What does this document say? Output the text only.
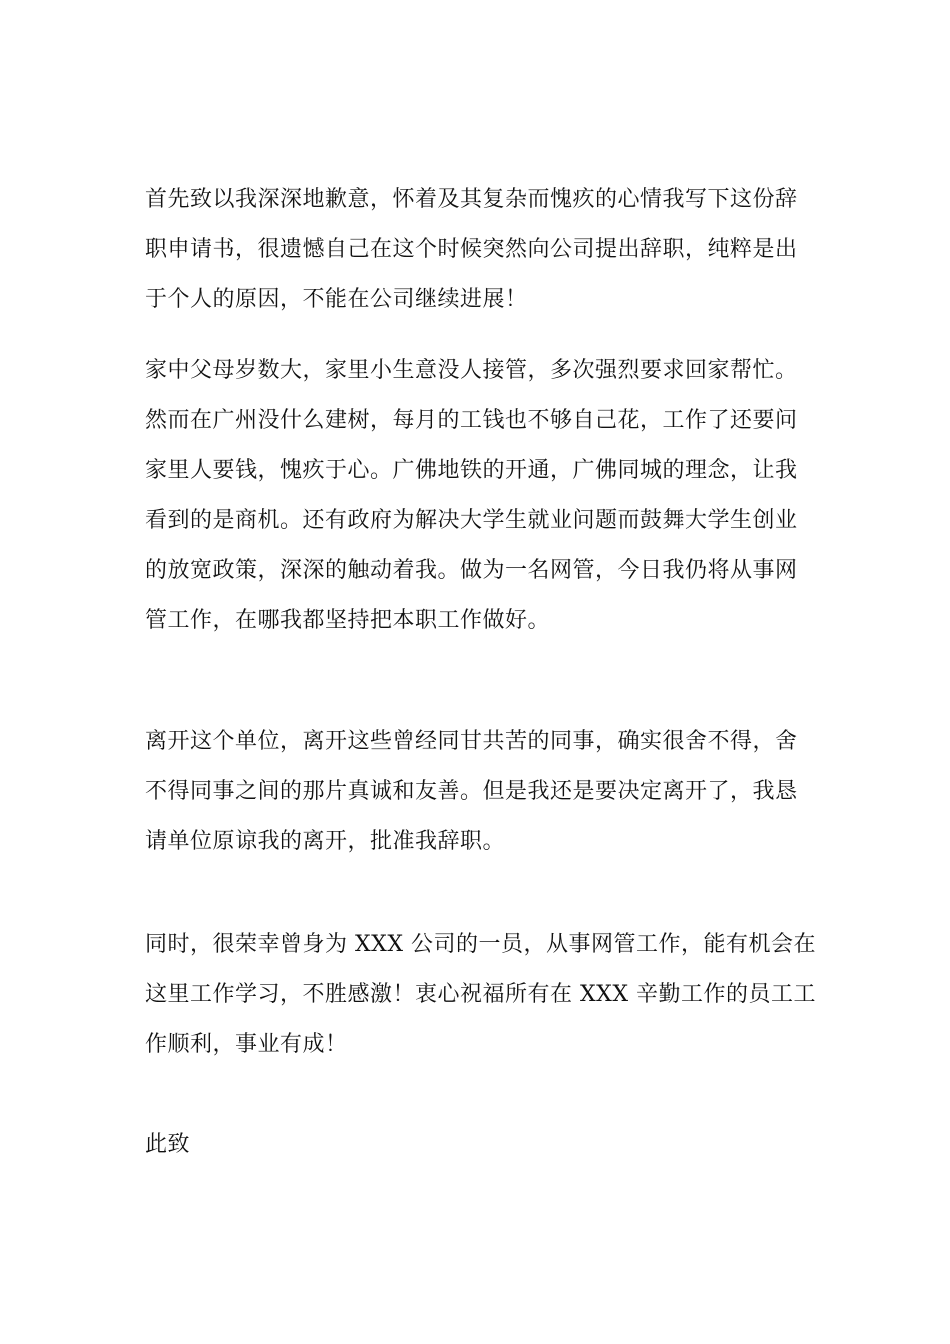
首先致以我深深地歉意，怀着及其复杂而愧疚的心情我写下这份辞
职申请书，很遗憾自己在这个时候突然向公司提出辞职，纯粹是出
于个人的原因，不能在公司继续进展！
家中父母岁数大，家里小生意没人接管，多次强烈要求回家帮忙。
然而在广州没什么建树，每月的工钱也不够自己花，工作了还要问
家里人要钱，愧疚于心。广佛地铁的开通，广佛同城的理念，让我
看到的是商机。还有政府为解决大学生就业问题而鼓舞大学生创业
的放宽政策，深深的触动着我。做为一名网管，今日我仍将从事网
管工作，在哪我都坚持把本职工作做好。
离开这个单位，离开这些曾经同甘共苦的同事，确实很舍不得，舍
不得同事之间的那片真诚和友善。但是我还是要决定离开了，我恳
请单位原谅我的离开，批准我辞职。
同时，很荣幸曾身为 XXX 公司的一员，从事网管工作，能有机会在
这里工作学习，不胜感激！衷心祝福所有在 XXX 辛勤工作的员工工
作顺利，事业有成！
此致
